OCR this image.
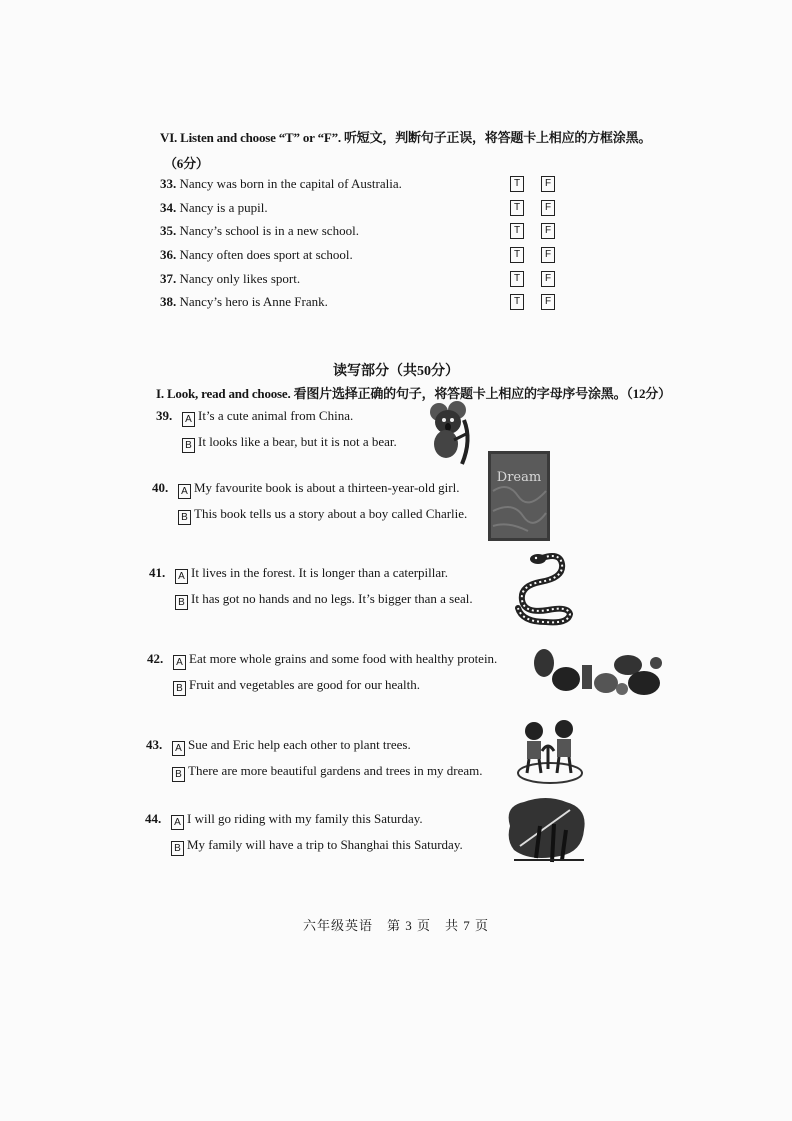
VI. Listen and choose “T” or “F”. 听短文，判断句子正误，将答题卡上相应的方框涂黑。
（6分）
33. Nancy was born in the capital of Australia.	T	F
34. Nancy is a pupil.	T	F
35. Nancy’s school is in a new school.	T	F
36. Nancy often does sport at school.	T	F
37. Nancy only likes sport.	T	F
38. Nancy’s hero is Anne Frank.	T	F
读写部分（共50分）
I. Look, read and choose. 看图片选择正确的句子，将答题卡上相应的字母序号涂黑。（12分）
39. A It’s a cute animal from China.
B It looks like a bear, but it is not a bear.
40. A My favourite book is about a thirteen-year-old girl.
B This book tells us a story about a boy called Charlie.
41. A It lives in the forest. It is longer than a caterpillar.
B It has got no hands and no legs. It’s bigger than a seal.
42. A Eat more whole grains and some food with healthy protein.
B Fruit and vegetables are good for our health.
43. A Sue and Eric help each other to plant trees.
B There are more beautiful gardens and trees in my dream.
44. A I will go riding with my family this Saturday.
B My family will have a trip to Shanghai this Saturday.
Dream
六年级英语　第 3 页　共 7 页
